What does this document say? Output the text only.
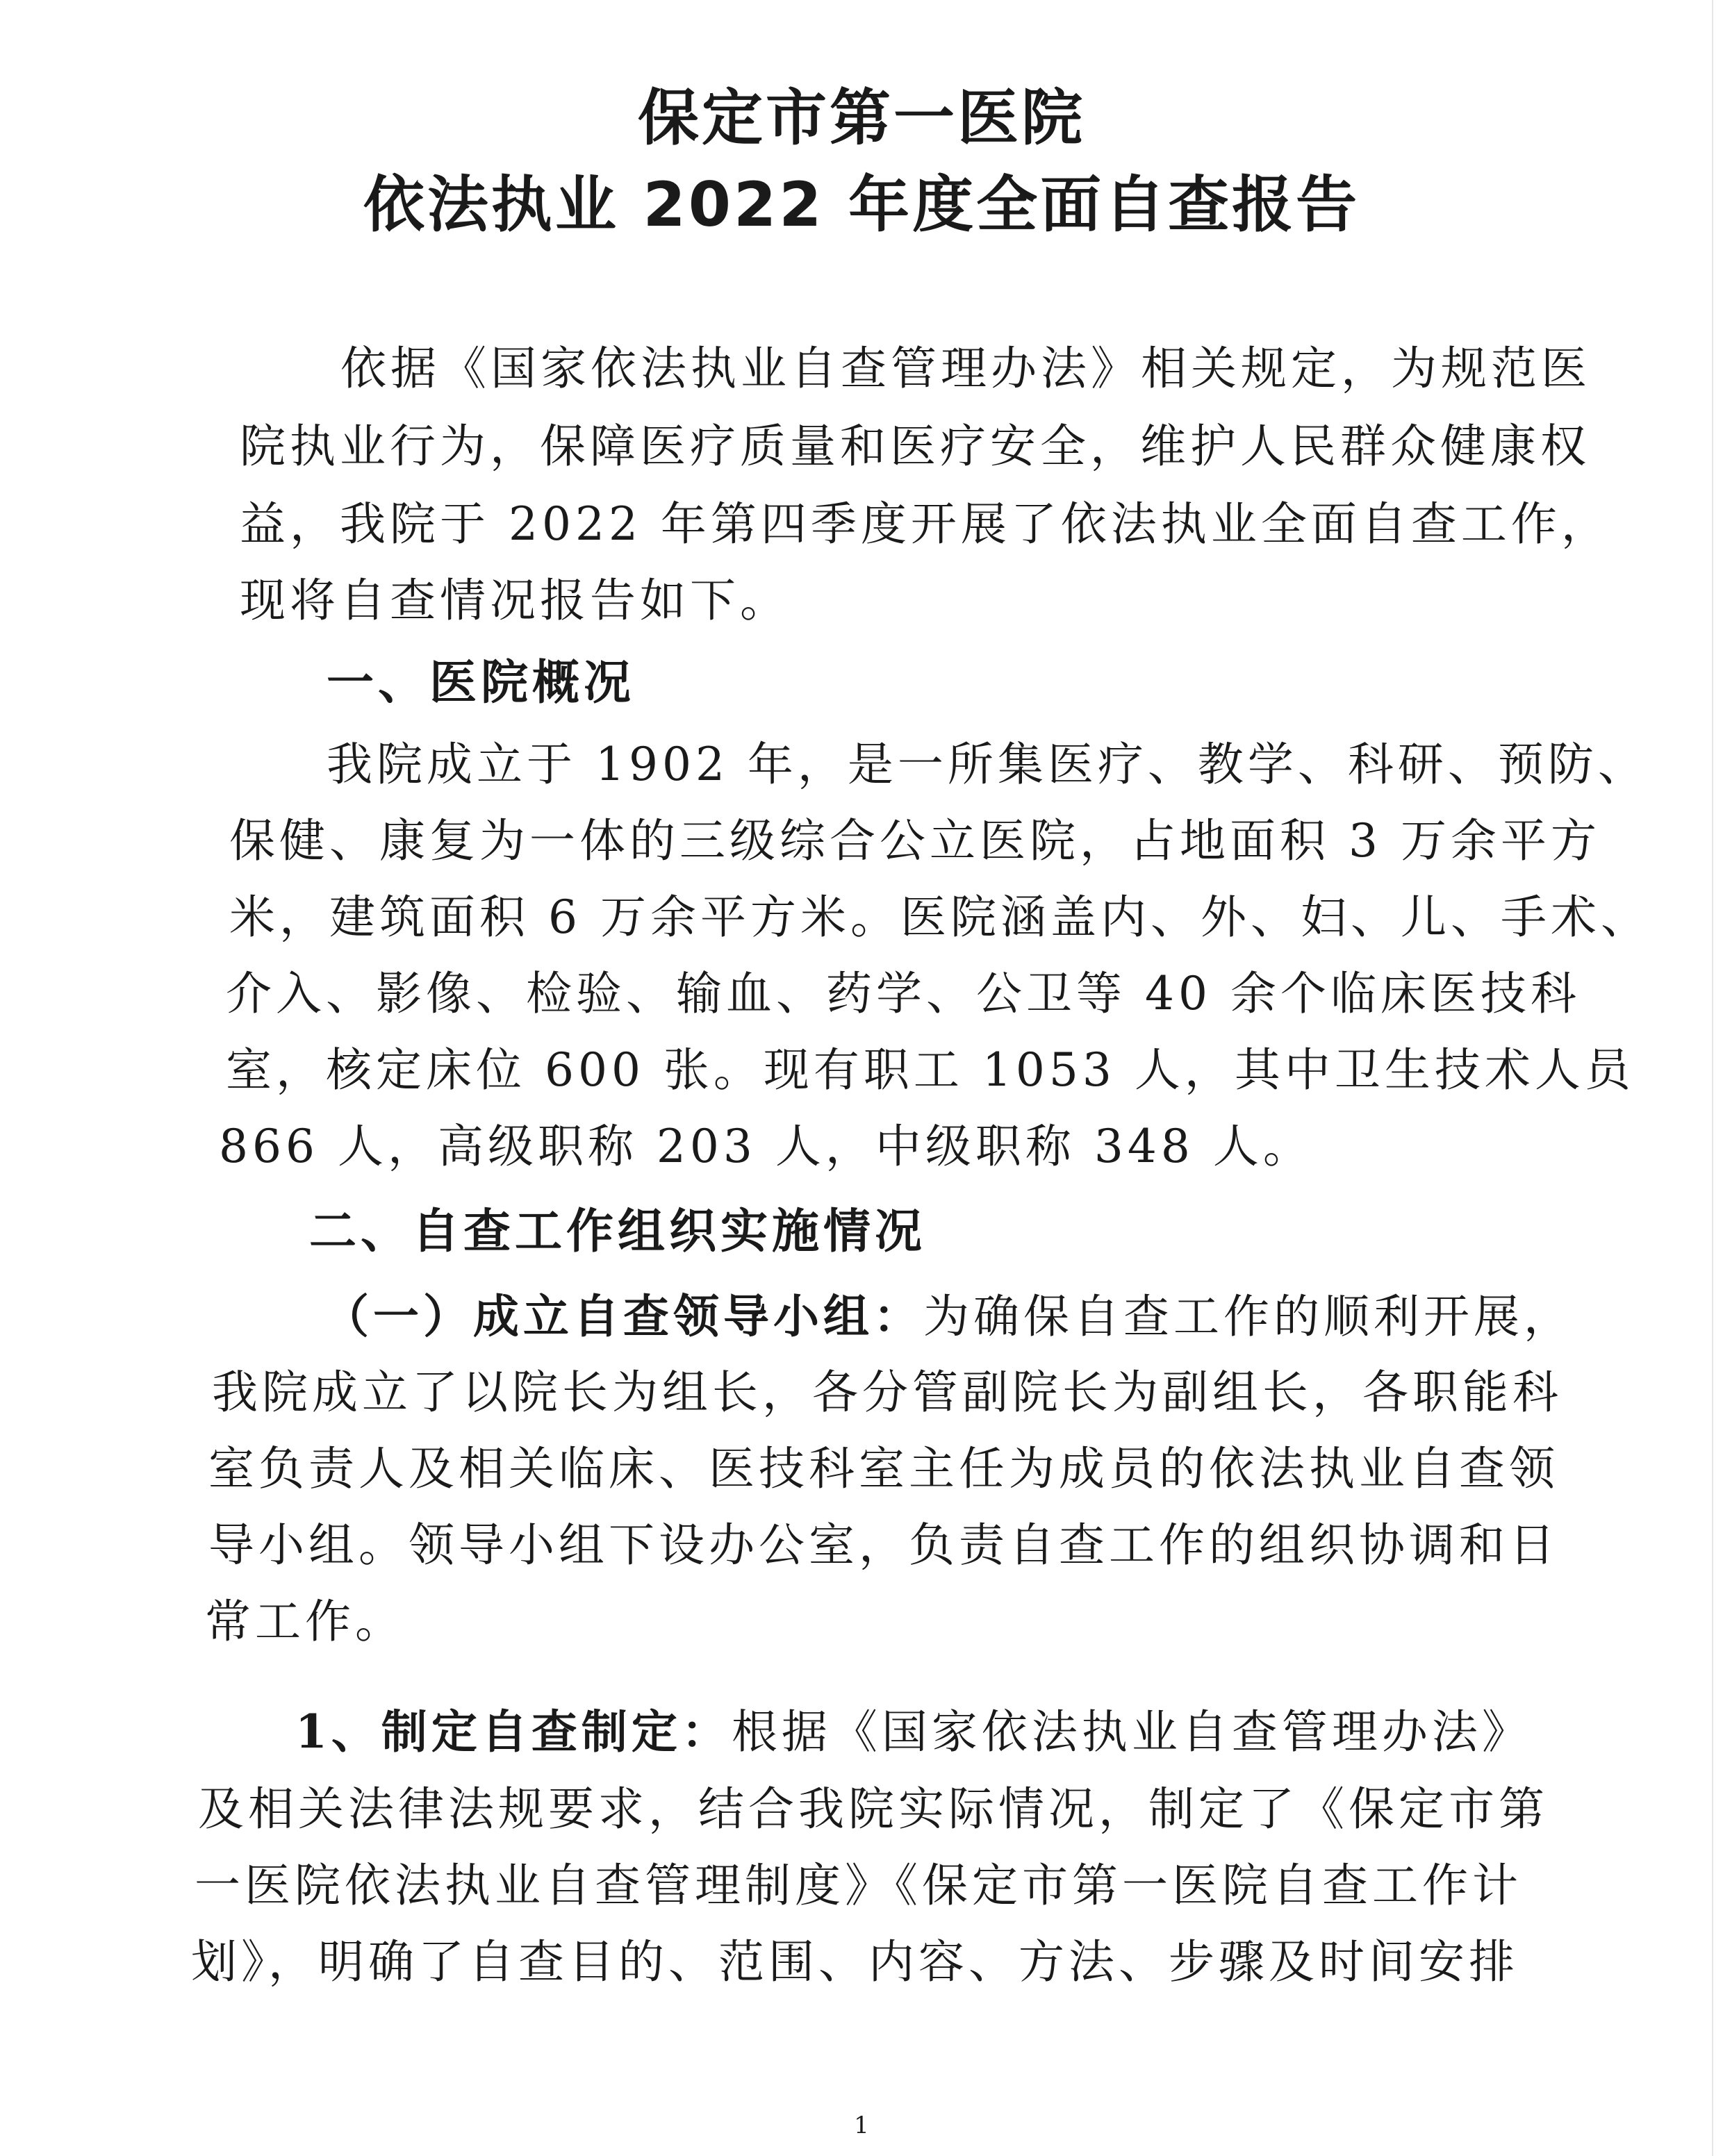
保定市第一医院
依法执业 2022 年度全面自查报告

依据《国家依法执业自查管理办法》相关规定，为规范医

院执业行为，保障医疗质量和医疗安全，维护人民群众健康权

益，我院于 2022 年第四季度开展了依法执业全面自查工作，

现将自查情况报告如下。

一、医院概况

我院成立于 1902 年，是一所集医疗、教学、科研、预防、

保健、康复为一体的三级综合公立医院，占地面积 3 万余平方

米，建筑面积 6 万余平方米。医院涵盖内、外、妇、儿、手术、

介入、影像、检验、输血、药学、公卫等 40 余个临床医技科

室，核定床位 600 张。现有职工 1053 人，其中卫生技术人员

866 人，高级职称 203 人，中级职称 348 人。

二、自查工作组织实施情况

（一）成立自查领导小组：为确保自查工作的顺利开展，

我院成立了以院长为组长，各分管副院长为副组长，各职能科

室负责人及相关临床、医技科室主任为成员的依法执业自查领

导小组。领导小组下设办公室，负责自查工作的组织协调和日

常工作。

1、制定自查制定：根据《国家依法执业自查管理办法》

及相关法律法规要求，结合我院实际情况，制定了《保定市第

一医院依法执业自查管理制度》《保定市第一医院自查工作计

划》，明确了自查目的、范围、内容、方法、步骤及时间安排

1
